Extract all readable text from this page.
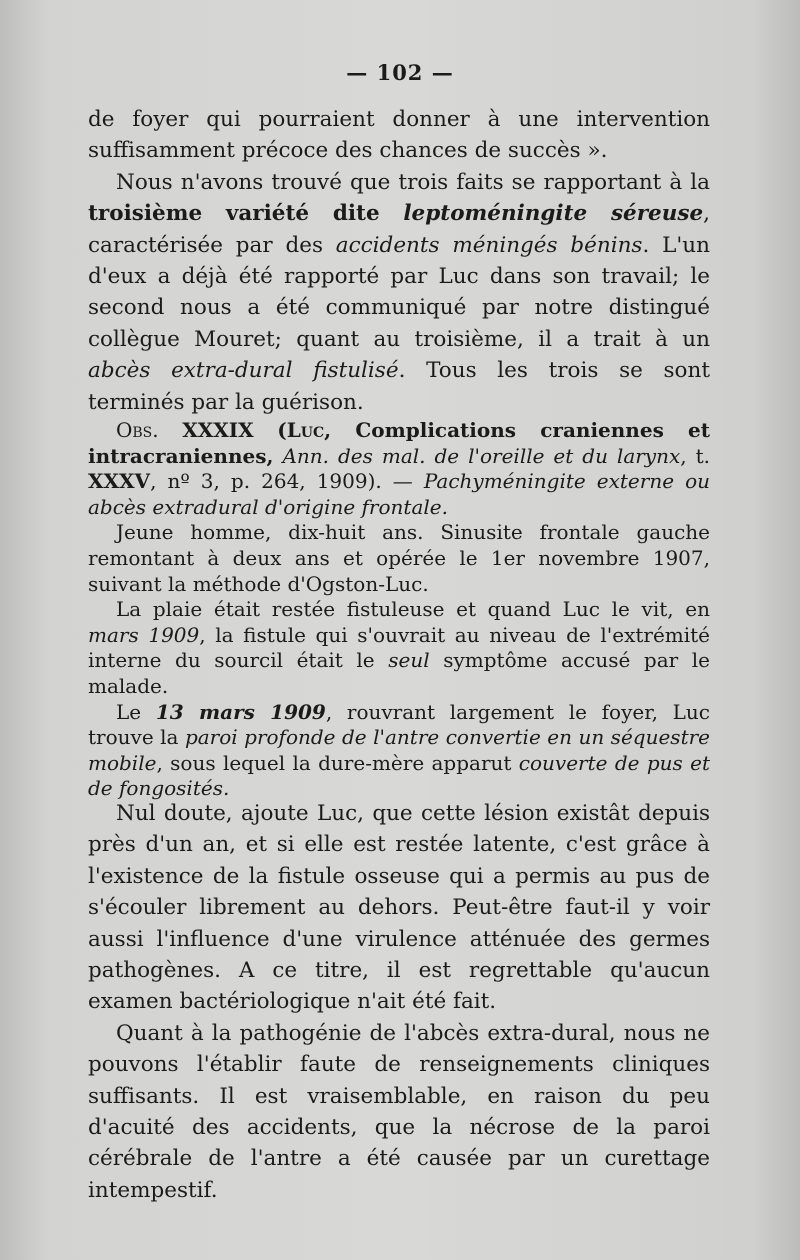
— 102 —

de foyer qui pourraient donner à une intervention suffisamment précoce des chances de succès ».

Nous n'avons trouvé que trois faits se rapportant à la troisième variété dite leptoméningite séreuse, caractérisée par des accidents méningés bénins. L'un d'eux a déjà été rapporté par Luc dans son travail; le second nous a été communiqué par notre distingué collègue Mouret; quant au troisième, il a trait à un abcès extra-dural fistulisé. Tous les trois se sont terminés par la guérison.

Obs. XXXIX (Luc, Complications craniennes et intracraniennes, Ann. des mal. de l'oreille et du larynx, t. XXXV, nº 3, p. 264, 1909). — Pachyméningite externe ou abcès extradural d'origine frontale.

Jeune homme, dix-huit ans. Sinusite frontale gauche remontant à deux ans et opérée le 1er novembre 1907, suivant la méthode d'Ogston-Luc.

La plaie était restée fistuleuse et quand Luc le vit, en mars 1909, la fistule qui s'ouvrait au niveau de l'extrémité interne du sourcil était le seul symptôme accusé par le malade.

Le 13 mars 1909, rouvrant largement le foyer, Luc trouve la paroi profonde de l'antre convertie en un séquestre mobile, sous lequel la dure-mère apparut couverte de pus et de fongosités.

Nul doute, ajoute Luc, que cette lésion existât depuis près d'un an, et si elle est restée latente, c'est grâce à l'existence de la fistule osseuse qui a permis au pus de s'écouler librement au dehors. Peut-être faut-il y voir aussi l'influence d'une virulence atténuée des germes pathogènes. A ce titre, il est regrettable qu'aucun examen bactériologique n'ait été fait.

Quant à la pathogénie de l'abcès extra-dural, nous ne pouvons l'établir faute de renseignements cliniques suffisants. Il est vraisemblable, en raison du peu d'acuité des accidents, que la nécrose de la paroi cérébrale de l'antre a été causée par un curettage intempestif.
